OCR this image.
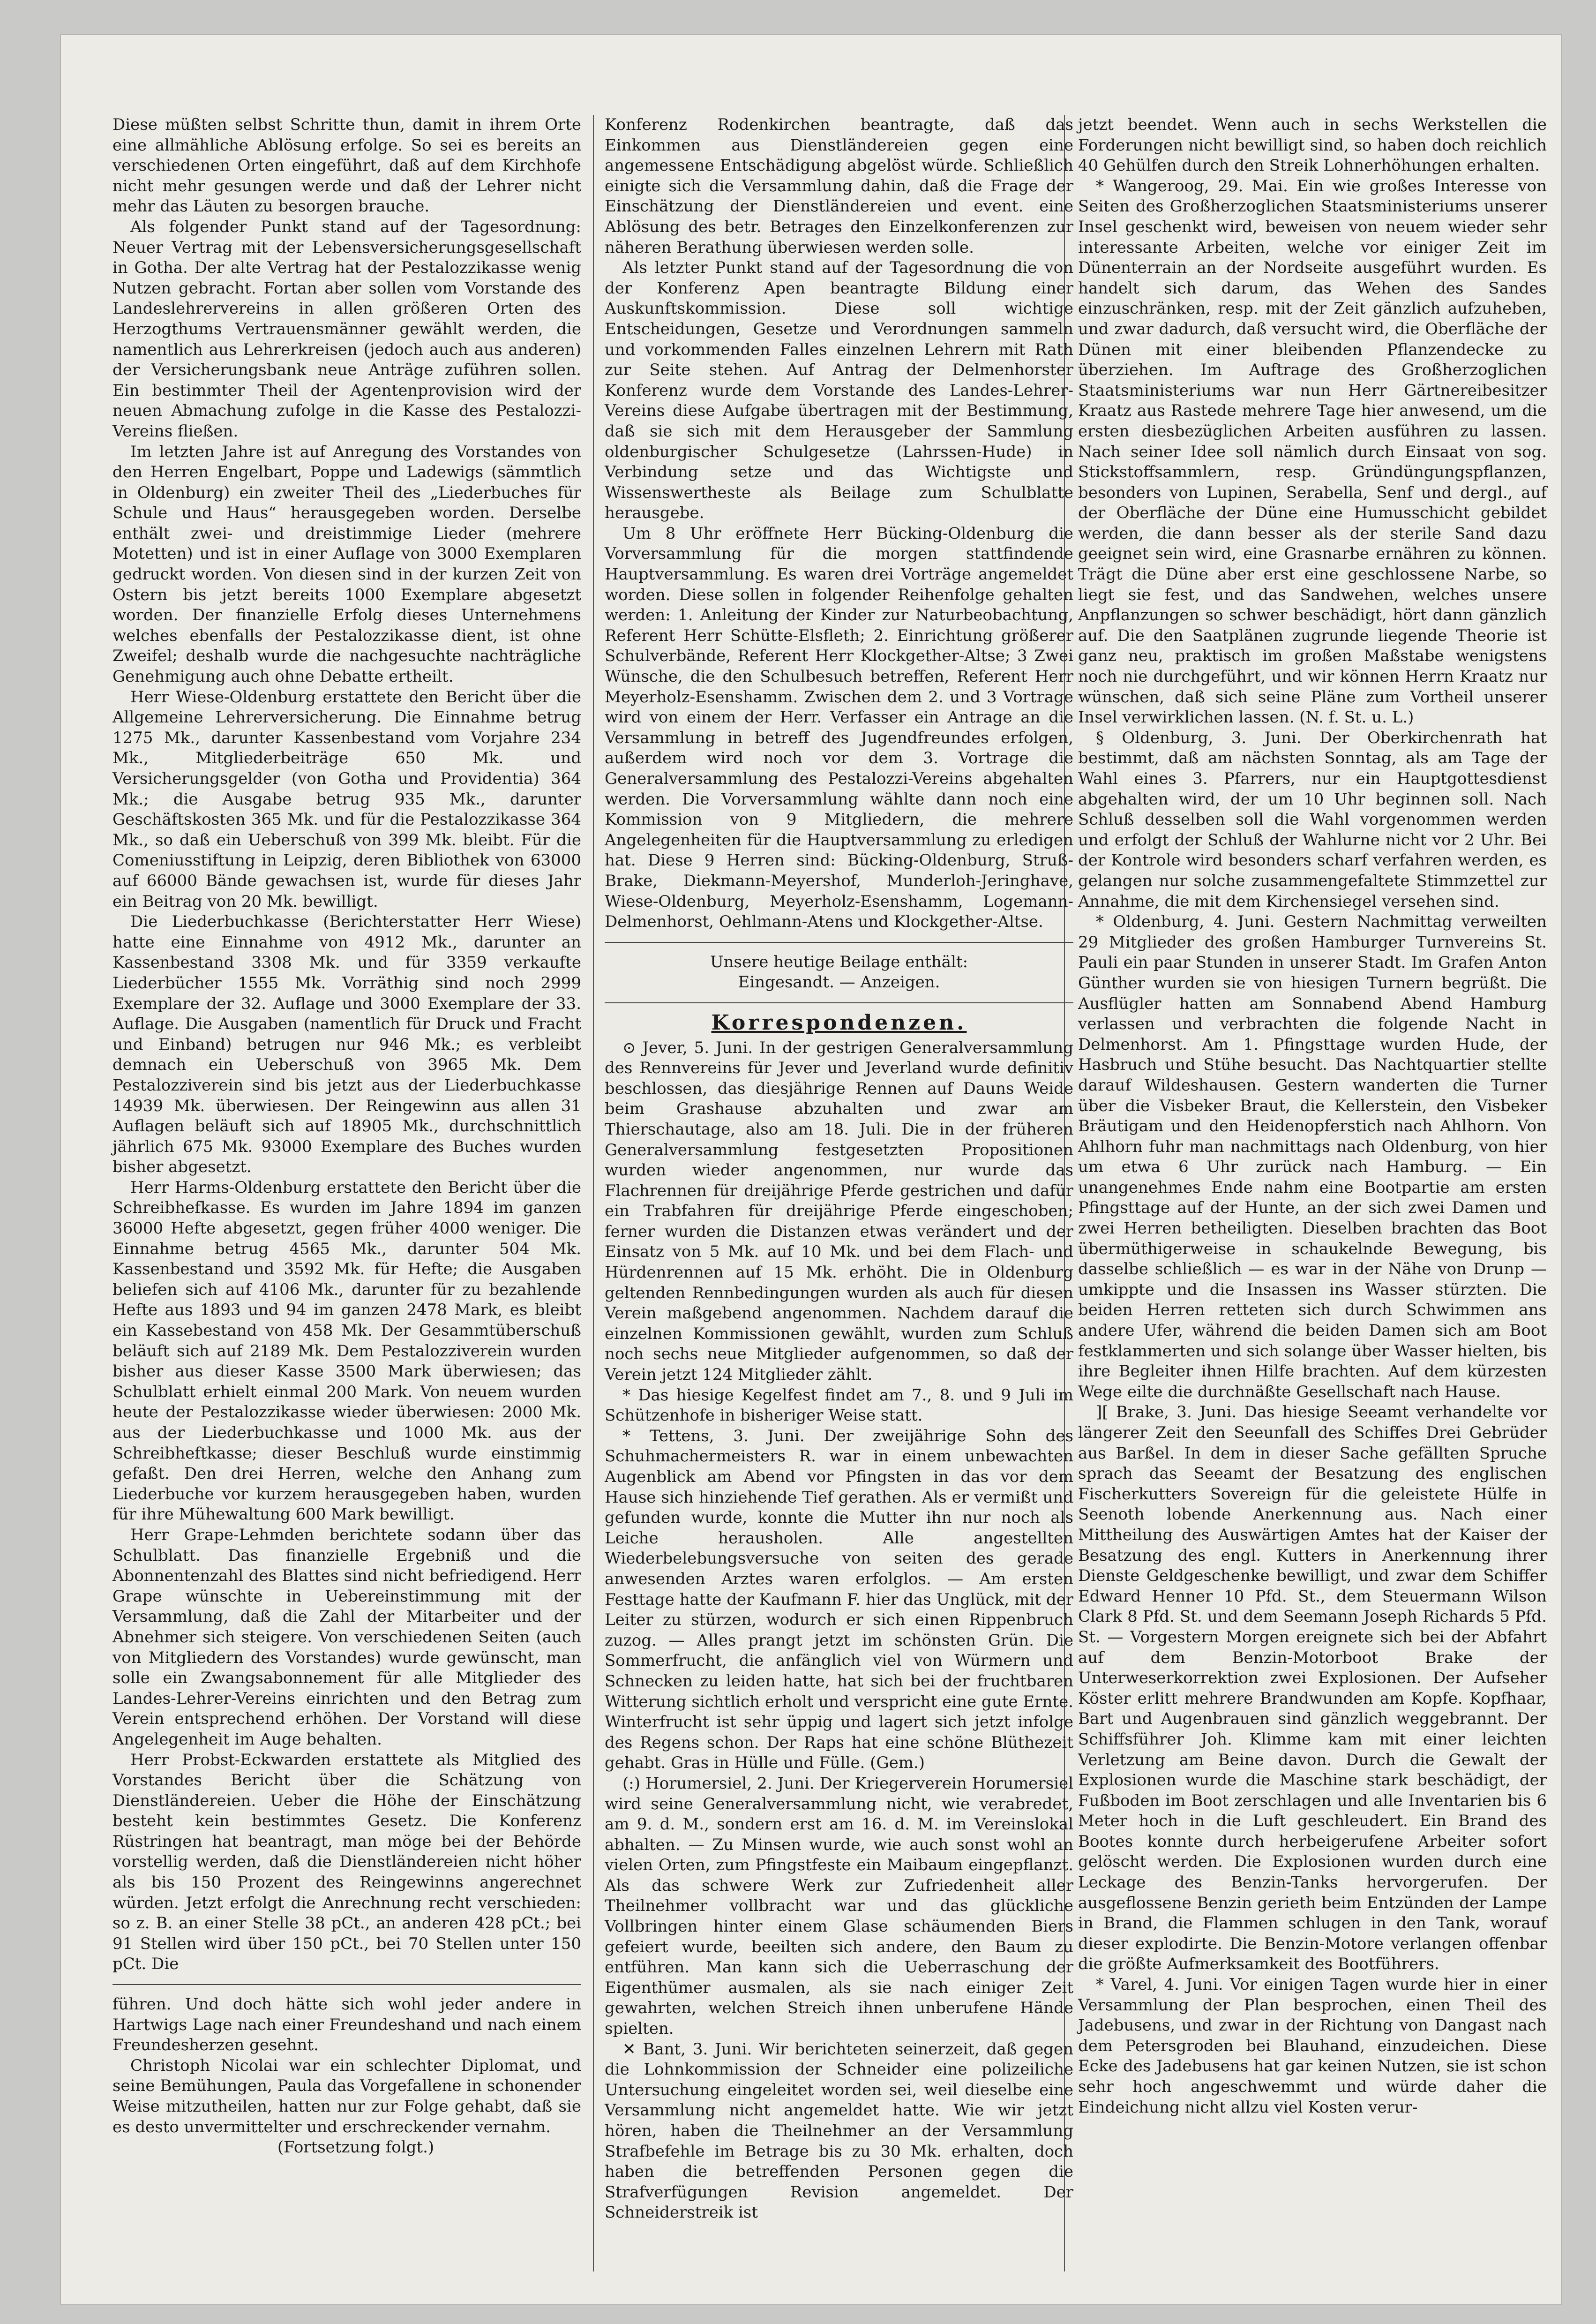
Diese müßten selbst Schritte thun, damit in ihrem Orte eine allmähliche Ablösung erfolge. So sei es bereits an verschiedenen Orten eingeführt, daß auf dem Kirchhofe nicht mehr gesungen werde und daß der Lehrer nicht mehr das Läuten zu besorgen brauche.

Als folgender Punkt stand auf der Tagesordnung: Neuer Vertrag mit der Lebensversicherungsgesellschaft in Gotha. Der alte Vertrag hat der Pestalozzikasse wenig Nutzen gebracht. Fortan aber sollen vom Vorstande des Landeslehrervereins in allen größeren Orten des Herzogthums Vertrauensmänner gewählt werden, die namentlich aus Lehrerkreisen (jedoch auch aus anderen) der Versicherungsbank neue Anträge zuführen sollen. Ein bestimmter Theil der Agentenprovision wird der neuen Abmachung zufolge in die Kasse des Pestalozzi-Vereins fließen.

Im letzten Jahre ist auf Anregung des Vorstandes von den Herren Engelbart, Poppe und Ladewigs (sämmtlich in Oldenburg) ein zweiter Theil des „Liederbuches für Schule und Haus“ herausgegeben worden. Derselbe enthält zwei- und dreistimmige Lieder (mehrere Motetten) und ist in einer Auflage von 3000 Exemplaren gedruckt worden. Von diesen sind in der kurzen Zeit von Ostern bis jetzt bereits 1000 Exemplare abgesetzt worden. Der finanzielle Erfolg dieses Unternehmens welches ebenfalls der Pestalozzikasse dient, ist ohne Zweifel; deshalb wurde die nachgesuchte nachträgliche Genehmigung auch ohne Debatte ertheilt.

Herr Wiese-Oldenburg erstattete den Bericht über die Allgemeine Lehrerversicherung. Die Einnahme betrug 1275 Mk., darunter Kassenbestand vom Vorjahre 234 Mk., Mitgliederbeiträge 650 Mk. und Versicherungsgelder (von Gotha und Providentia) 364 Mk.; die Ausgabe betrug 935 Mk., darunter Geschäftskosten 365 Mk. und für die Pestalozzikasse 364 Mk., so daß ein Ueberschuß von 399 Mk. bleibt. Für die Comeniusstiftung in Leipzig, deren Bibliothek von 63000 auf 66000 Bände gewachsen ist, wurde für dieses Jahr ein Beitrag von 20 Mk. bewilligt.

Die Liederbuchkasse (Berichterstatter Herr Wiese) hatte eine Einnahme von 4912 Mk., darunter an Kassenbestand 3308 Mk. und für 3359 verkaufte Liederbücher 1555 Mk. Vorräthig sind noch 2999 Exemplare der 32. Auflage und 3000 Exemplare der 33. Auflage. Die Ausgaben (namentlich für Druck und Fracht und Einband) betrugen nur 946 Mk.; es verbleibt demnach ein Ueberschuß von 3965 Mk. Dem Pestalozziverein sind bis jetzt aus der Liederbuchkasse 14939 Mk. überwiesen. Der Reingewinn aus allen 31 Auflagen beläuft sich auf 18905 Mk., durchschnittlich jährlich 675 Mk. 93000 Exemplare des Buches wurden bisher abgesetzt.

Herr Harms-Oldenburg erstattete den Bericht über die Schreibhefkasse. Es wurden im Jahre 1894 im ganzen 36000 Hefte abgesetzt, gegen früher 4000 weniger. Die Einnahme betrug 4565 Mk., darunter 504 Mk. Kassenbestand und 3592 Mk. für Hefte; die Ausgaben beliefen sich auf 4106 Mk., darunter für zu bezahlende Hefte aus 1893 und 94 im ganzen 2478 Mark, es bleibt ein Kassebestand von 458 Mk. Der Gesammtüberschuß beläuft sich auf 2189 Mk. Dem Pestalozziverein wurden bisher aus dieser Kasse 3500 Mark überwiesen; das Schulblatt erhielt einmal 200 Mark. Von neuem wurden heute der Pestalozzikasse wieder überwiesen: 2000 Mk. aus der Liederbuchkasse und 1000 Mk. aus der Schreibheftkasse; dieser Beschluß wurde einstimmig gefaßt. Den drei Herren, welche den Anhang zum Liederbuche vor kurzem herausgegeben haben, wurden für ihre Mühewaltung 600 Mark bewilligt.

Herr Grape-Lehmden berichtete sodann über das Schulblatt. Das finanzielle Ergebniß und die Abonnentenzahl des Blattes sind nicht befriedigend. Herr Grape wünschte in Uebereinstimmung mit der Versammlung, daß die Zahl der Mitarbeiter und der Abnehmer sich steigere. Von verschiedenen Seiten (auch von Mitgliedern des Vorstandes) wurde gewünscht, man solle ein Zwangsabonnement für alle Mitglieder des Landes-Lehrer-Vereins einrichten und den Betrag zum Verein entsprechend erhöhen. Der Vorstand will diese Angelegenheit im Auge behalten.

Herr Probst-Eckwarden erstattete als Mitglied des Vorstandes Bericht über die Schätzung von Dienstländereien. Ueber die Höhe der Einschätzung besteht kein bestimmtes Gesetz. Die Konferenz Rüstringen hat beantragt, man möge bei der Behörde vorstellig werden, daß die Dienstländereien nicht höher als bis 150 Prozent des Reingewinns angerechnet würden. Jetzt erfolgt die Anrechnung recht verschieden: so z. B. an einer Stelle 38 pCt., an anderen 428 pCt.; bei 91 Stellen wird über 150 pCt., bei 70 Stellen unter 150 pCt. Die

führen. Und doch hätte sich wohl jeder andere in Hartwigs Lage nach einer Freundeshand und nach einem Freundesherzen gesehnt.

Christoph Nicolai war ein schlechter Diplomat, und seine Bemühungen, Paula das Vorgefallene in schonender Weise mitzutheilen, hatten nur zur Folge gehabt, daß sie es desto unvermittelter und erschreckender vernahm.

(Fortsetzung folgt.)

Konferenz Rodenkirchen beantragte, daß das Einkommen aus Dienstländereien gegen eine angemessene Entschädigung abgelöst würde. Schließlich einigte sich die Versammlung dahin, daß die Frage der Einschätzung der Dienstländereien und event. eine Ablösung des betr. Betrages den Einzelkonferenzen zur näheren Berathung überwiesen werden solle.

Als letzter Punkt stand auf der Tagesordnung die von der Konferenz Apen beantragte Bildung einer Auskunftskommission. Diese soll wichtige Entscheidungen, Gesetze und Verordnungen sammeln und vorkommenden Falles einzelnen Lehrern mit Rath zur Seite stehen. Auf Antrag der Delmenhorster Konferenz wurde dem Vorstande des Landes-Lehrer-Vereins diese Aufgabe übertragen mit der Bestimmung, daß sie sich mit dem Herausgeber der Sammlung oldenburgischer Schulgesetze (Lahrssen-Hude) in Verbindung setze und das Wichtigste und Wissenswertheste als Beilage zum Schulblatte herausgebe.

Um 8 Uhr eröffnete Herr Bücking-Oldenburg die Vorversammlung für die morgen stattfindende Hauptversammlung. Es waren drei Vorträge angemeldet worden. Diese sollen in folgender Reihenfolge gehalten werden: 1. Anleitung der Kinder zur Naturbeobachtung, Referent Herr Schütte-Elsfleth; 2. Einrichtung größerer Schulverbände, Referent Herr Klockgether-Altse; 3 Zwei Wünsche, die den Schulbesuch betreffen, Referent Herr Meyerholz-Esenshamm. Zwischen dem 2. und 3 Vortrage wird von einem der Herr. Verfasser ein Antrage an die Versammlung in betreff des Jugendfreundes erfolgen, außerdem wird noch vor dem 3. Vortrage die Generalversammlung des Pestalozzi-Vereins abgehalten werden. Die Vorversammlung wählte dann noch eine Kommission von 9 Mitgliedern, die mehrere Angelegenheiten für die Hauptversammlung zu erledigen hat. Diese 9 Herren sind: Bücking-Oldenburg, Struß-Brake, Diekmann-Meyershof, Munderloh-Jeringhave, Wiese-Oldenburg, Meyerholz-Esenshamm, Logemann-Delmenhorst, Oehlmann-Atens und Klockgether-Altse.

Unsere heutige Beilage enthält:

Eingesandt. — Anzeigen.

Korrespondenzen.

⊙ Jever, 5. Juni. In der gestrigen Generalversammlung des Rennvereins für Jever und Jeverland wurde definitiv beschlossen, das diesjährige Rennen auf Dauns Weide beim Grashause abzuhalten und zwar am Thierschautage, also am 18. Juli. Die in der früheren Generalversammlung festgesetzten Propositionen wurden wieder angenommen, nur wurde das Flachrennen für dreijährige Pferde gestrichen und dafür ein Trabfahren für dreijährige Pferde eingeschoben; ferner wurden die Distanzen etwas verändert und der Einsatz von 5 Mk. auf 10 Mk. und bei dem Flach- und Hürdenrennen auf 15 Mk. erhöht. Die in Oldenburg geltenden Rennbedingungen wurden als auch für diesen Verein maßgebend angenommen. Nachdem darauf die einzelnen Kommissionen gewählt, wurden zum Schluß noch sechs neue Mitglieder aufgenommen, so daß der Verein jetzt 124 Mitglieder zählt.

* Das hiesige Kegelfest findet am 7., 8. und 9 Juli im Schützenhofe in bisheriger Weise statt.

* Tettens, 3. Juni. Der zweijährige Sohn des Schuhmachermeisters R. war in einem unbewachten Augenblick am Abend vor Pfingsten in das vor dem Hause sich hinziehende Tief gerathen. Als er vermißt und gefunden wurde, konnte die Mutter ihn nur noch als Leiche herausholen. Alle angestellten Wiederbelebungsversuche von seiten des gerade anwesenden Arztes waren erfolglos. — Am ersten Festtage hatte der Kaufmann F. hier das Unglück, mit der Leiter zu stürzen, wodurch er sich einen Rippenbruch zuzog. — Alles prangt jetzt im schönsten Grün. Die Sommerfrucht, die anfänglich viel von Würmern und Schnecken zu leiden hatte, hat sich bei der fruchtbaren Witterung sichtlich erholt und verspricht eine gute Ernte. Winterfrucht ist sehr üppig und lagert sich jetzt infolge des Regens schon. Der Raps hat eine schöne Blüthezeit gehabt. Gras in Hülle und Fülle. (Gem.)

(:) Horumersiel, 2. Juni. Der Kriegerverein Horumersiel wird seine Generalversammlung nicht, wie verabredet, am 9. d. M., sondern erst am 16. d. M. im Vereinslokal abhalten. — Zu Minsen wurde, wie auch sonst wohl an vielen Orten, zum Pfingstfeste ein Maibaum eingepflanzt. Als das schwere Werk zur Zufriedenheit aller Theilnehmer vollbracht war und das glückliche Vollbringen hinter einem Glase schäumenden Biers gefeiert wurde, beeilten sich andere, den Baum zu entführen. Man kann sich die Ueberraschung der Eigenthümer ausmalen, als sie nach einiger Zeit gewahrten, welchen Streich ihnen unberufene Hände spielten.

✕ Bant, 3. Juni. Wir berichteten seinerzeit, daß gegen die Lohnkommission der Schneider eine polizeiliche Untersuchung eingeleitet worden sei, weil dieselbe eine Versammlung nicht angemeldet hatte. Wie wir jetzt hören, haben die Theilnehmer an der Versammlung Strafbefehle im Betrage bis zu 30 Mk. erhalten, doch haben die betreffenden Personen gegen die Strafverfügungen Revision angemeldet. Der Schneiderstreik ist

jetzt beendet. Wenn auch in sechs Werkstellen die Forderungen nicht bewilligt sind, so haben doch reichlich 40 Gehülfen durch den Streik Lohnerhöhungen erhalten.

* Wangeroog, 29. Mai. Ein wie großes Interesse von Seiten des Großherzoglichen Staatsministeriums unserer Insel geschenkt wird, beweisen von neuem wieder sehr interessante Arbeiten, welche vor einiger Zeit im Dünenterrain an der Nordseite ausgeführt wurden. Es handelt sich darum, das Wehen des Sandes einzuschränken, resp. mit der Zeit gänzlich aufzuheben, und zwar dadurch, daß versucht wird, die Oberfläche der Dünen mit einer bleibenden Pflanzendecke zu überziehen. Im Auftrage des Großherzoglichen Staatsministeriums war nun Herr Gärtnereibesitzer Kraatz aus Rastede mehrere Tage hier anwesend, um die ersten diesbezüglichen Arbeiten ausführen zu lassen. Nach seiner Idee soll nämlich durch Einsaat von sog. Stickstoffsammlern, resp. Gründüngungspflanzen, besonders von Lupinen, Serabella, Senf und dergl., auf der Oberfläche der Düne eine Humusschicht gebildet werden, die dann besser als der sterile Sand dazu geeignet sein wird, eine Grasnarbe ernähren zu können. Trägt die Düne aber erst eine geschlossene Narbe, so liegt sie fest, und das Sandwehen, welches unsere Anpflanzungen so schwer beschädigt, hört dann gänzlich auf. Die den Saatplänen zugrunde liegende Theorie ist ganz neu, praktisch im großen Maßstabe wenigstens noch nie durchgeführt, und wir können Herrn Kraatz nur wünschen, daß sich seine Pläne zum Vortheil unserer Insel verwirklichen lassen. (N. f. St. u. L.)

§ Oldenburg, 3. Juni. Der Oberkirchenrath hat bestimmt, daß am nächsten Sonntag, als am Tage der Wahl eines 3. Pfarrers, nur ein Hauptgottesdienst abgehalten wird, der um 10 Uhr beginnen soll. Nach Schluß desselben soll die Wahl vorgenommen werden und erfolgt der Schluß der Wahlurne nicht vor 2 Uhr. Bei der Kontrole wird besonders scharf verfahren werden, es gelangen nur solche zusammengefaltete Stimmzettel zur Annahme, die mit dem Kirchensiegel versehen sind.

* Oldenburg, 4. Juni. Gestern Nachmittag verweilten 29 Mitglieder des großen Hamburger Turnvereins St. Pauli ein paar Stunden in unserer Stadt. Im Grafen Anton Günther wurden sie von hiesigen Turnern begrüßt. Die Ausflügler hatten am Sonnabend Abend Hamburg verlassen und verbrachten die folgende Nacht in Delmenhorst. Am 1. Pfingsttage wurden Hude, der Hasbruch und Stühe besucht. Das Nachtquartier stellte darauf Wildeshausen. Gestern wanderten die Turner über die Visbeker Braut, die Kellerstein, den Visbeker Bräutigam und den Heidenopferstich nach Ahlhorn. Von Ahlhorn fuhr man nachmittags nach Oldenburg, von hier um etwa 6 Uhr zurück nach Hamburg. — Ein unangenehmes Ende nahm eine Bootpartie am ersten Pfingsttage auf der Hunte, an der sich zwei Damen und zwei Herren betheiligten. Dieselben brachten das Boot übermüthigerweise in schaukelnde Bewegung, bis dasselbe schließlich — es war in der Nähe von Drunp — umkippte und die Insassen ins Wasser stürzten. Die beiden Herren retteten sich durch Schwimmen ans andere Ufer, während die beiden Damen sich am Boot festklammerten und sich solange über Wasser hielten, bis ihre Begleiter ihnen Hilfe brachten. Auf dem kürzesten Wege eilte die durchnäßte Gesellschaft nach Hause.

][ Brake, 3. Juni. Das hiesige Seeamt verhandelte vor längerer Zeit den Seeunfall des Schiffes Drei Gebrüder aus Barßel. In dem in dieser Sache gefällten Spruche sprach das Seeamt der Besatzung des englischen Fischerkutters Sovereign für die geleistete Hülfe in Seenoth lobende Anerkennung aus. Nach einer Mittheilung des Auswärtigen Amtes hat der Kaiser der Besatzung des engl. Kutters in Anerkennung ihrer Dienste Geldgeschenke bewilligt, und zwar dem Schiffer Edward Henner 10 Pfd. St., dem Steuermann Wilson Clark 8 Pfd. St. und dem Seemann Joseph Richards 5 Pfd. St. — Vorgestern Morgen ereignete sich bei der Abfahrt auf dem Benzin-Motorboot Brake der Unterweserkorrektion zwei Explosionen. Der Aufseher Köster erlitt mehrere Brandwunden am Kopfe. Kopfhaar, Bart und Augenbrauen sind gänzlich weggebrannt. Der Schiffsführer Joh. Klimme kam mit einer leichten Verletzung am Beine davon. Durch die Gewalt der Explosionen wurde die Maschine stark beschädigt, der Fußboden im Boot zerschlagen und alle Inventarien bis 6 Meter hoch in die Luft geschleudert. Ein Brand des Bootes konnte durch herbeigerufene Arbeiter sofort gelöscht werden. Die Explosionen wurden durch eine Leckage des Benzin-Tanks hervorgerufen. Der ausgeflossene Benzin gerieth beim Entzünden der Lampe in Brand, die Flammen schlugen in den Tank, worauf dieser explodirte. Die Benzin-Motore verlangen offenbar die größte Aufmerksamkeit des Bootführers.

* Varel, 4. Juni. Vor einigen Tagen wurde hier in einer Versammlung der Plan besprochen, einen Theil des Jadebusens, und zwar in der Richtung von Dangast nach dem Petersgroden bei Blauhand, einzudeichen. Diese Ecke des Jadebusens hat gar keinen Nutzen, sie ist schon sehr hoch angeschwemmt und würde daher die Eindeichung nicht allzu viel Kosten verur-
